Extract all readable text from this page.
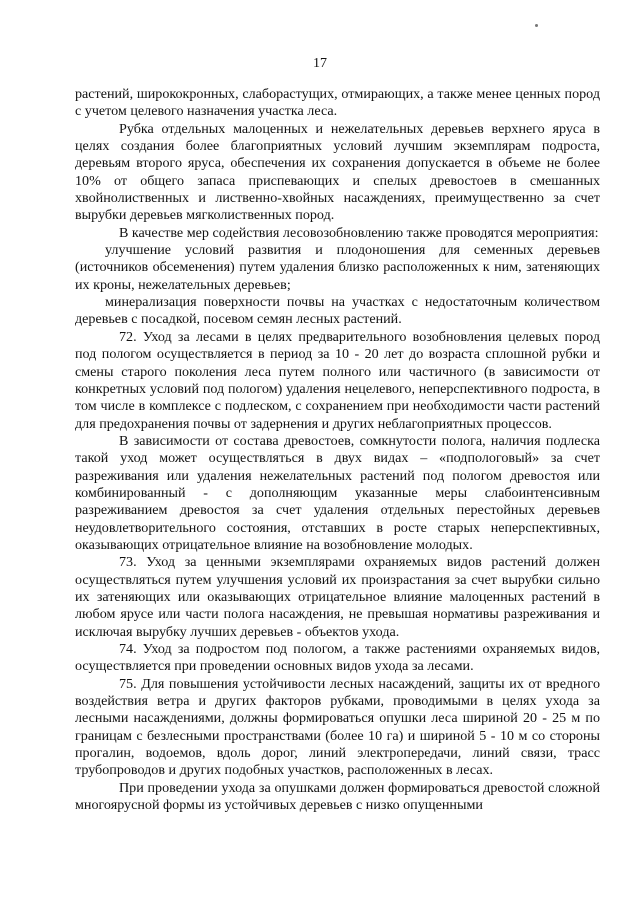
17

растений, ширококронных, слаборастущих, отмирающих, а также менее ценных пород с учетом целевого назначения участка леса.

Рубка отдельных малоценных и нежелательных деревьев верхнего яруса в целях создания более благоприятных условий лучшим экземплярам подроста, деревьям второго яруса, обеспечения их сохранения допускается в объеме не более 10% от общего запаса приспевающих и спелых древостоев в смешанных хвойнолиственных и лиственно-хвойных насаждениях, преимущественно за счет вырубки деревьев мягколиственных пород.

В качестве мер содействия лесовозобновлению также проводятся мероприятия:

улучшение условий развития и плодоношения для семенных деревьев (источников обсеменения) путем удаления близко расположенных к ним, затеняющих их кроны, нежелательных деревьев;

минерализация поверхности почвы на участках с недостаточным количеством деревьев с посадкой, посевом семян лесных растений.

72. Уход за лесами в целях предварительного возобновления целевых пород под пологом осуществляется в период за 10 - 20 лет до возраста сплошной рубки и смены старого поколения леса путем полного или частичного (в зависимости от конкретных условий под пологом) удаления нецелевого, неперспективного подроста, в том числе в комплексе с подлеском, с сохранением при необходимости части растений для предохранения почвы от задернения и других неблагоприятных процессов.

В зависимости от состава древостоев, сомкнутости полога, наличия подлеска такой уход может осуществляться в двух видах – «подпологовый» за счет разреживания или удаления нежелательных растений под пологом древостоя или комбинированный - с дополняющим указанные меры слабоинтенсивным разреживанием древостоя за счет удаления отдельных перестойных деревьев неудовлетворительного состояния, отставших в росте старых неперспективных, оказывающих отрицательное влияние на возобновление молодых.

73. Уход за ценными экземплярами охраняемых видов растений должен осуществляться путем улучшения условий их произрастания за счет вырубки сильно их затеняющих или оказывающих отрицательное влияние малоценных растений в любом ярусе или части полога насаждения, не превышая нормативы разреживания и исключая вырубку лучших деревьев - объектов ухода.

74. Уход за подростом под пологом, а также растениями охраняемых видов, осуществляется при проведении основных видов ухода за лесами.

75. Для повышения устойчивости лесных насаждений, защиты их от вредного воздействия ветра и других факторов рубками, проводимыми в целях ухода за лесными насаждениями, должны формироваться опушки леса шириной 20 - 25 м по границам с безлесными пространствами (более 10 га) и шириной 5 - 10 м со стороны прогалин, водоемов, вдоль дорог, линий электропередачи, линий связи, трасс трубопроводов и других подобных участков, расположенных в лесах.

При проведении ухода за опушками должен формироваться древостой сложной многоярусной формы из устойчивых деревьев с низко опущенными
